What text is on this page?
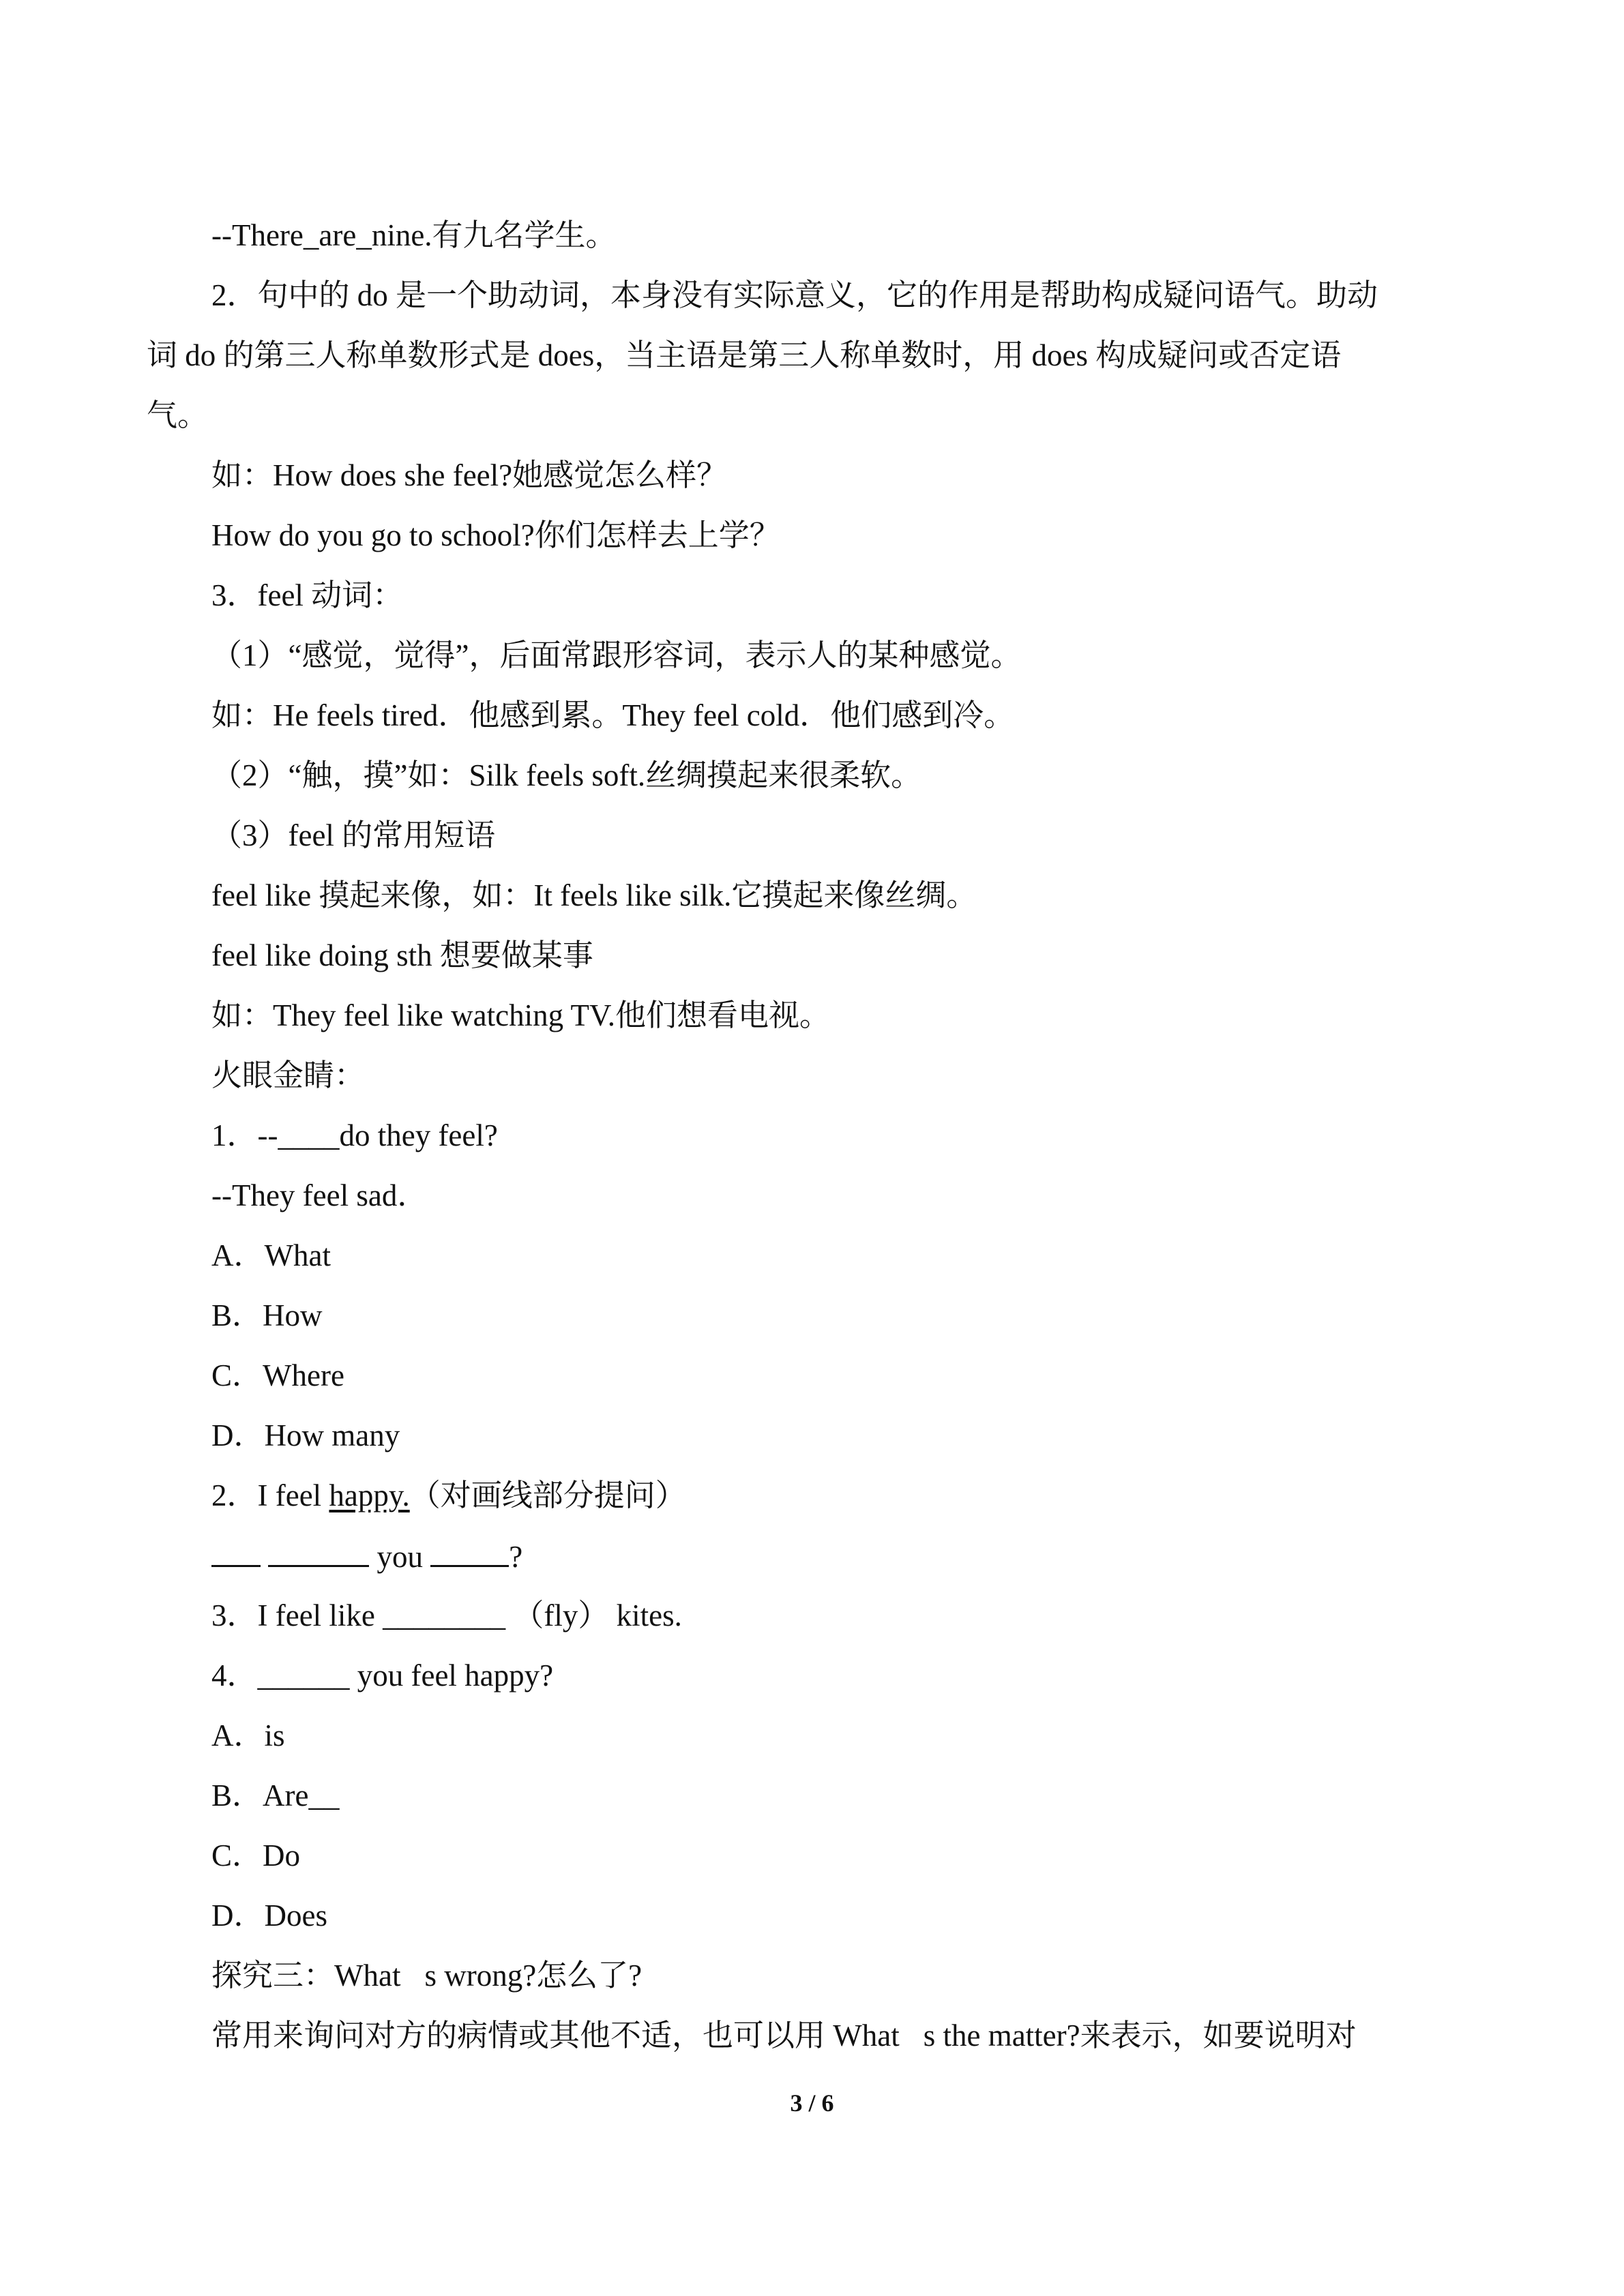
--There_are_nine.有九名学生。
2．句中的 do 是一个助动词，本身没有实际意义，它的作用是帮助构成疑问语气。助动
词 do 的第三人称单数形式是 does，当主语是第三人称单数时，用 does 构成疑问或否定语
气。
如：How does she feel?她感觉怎么样？
How do you go to school?你们怎样去上学？
3．feel 动词：
（1）“感觉，觉得”，后面常跟形容词，表示人的某种感觉。
如：He feels tired．他感到累。They feel cold．他们感到冷。
（2）“触，摸”如：Silk feels soft.丝绸摸起来很柔软。
（3）feel 的常用短语
feel like 摸起来像，如：It feels like silk.它摸起来像丝绸。
feel like doing sth 想要做某事
如：They feel like watching TV.他们想看电视。
火眼金睛：
1．--____do they feel?
--They feel sad．
A．What
B．How
C．Where
D．How many
2．I feel happy.（对画线部分提问）
you	?
3．I feel like ________ （fly） kites.
4．______ you feel happy?
A．is
B．Are__
C．Do
D．Does
探究三：What s wrong?怎么了?
常用来询问对方的病情或其他不适，也可以用 What s the matter?来表示，如要说明对
3 / 6
